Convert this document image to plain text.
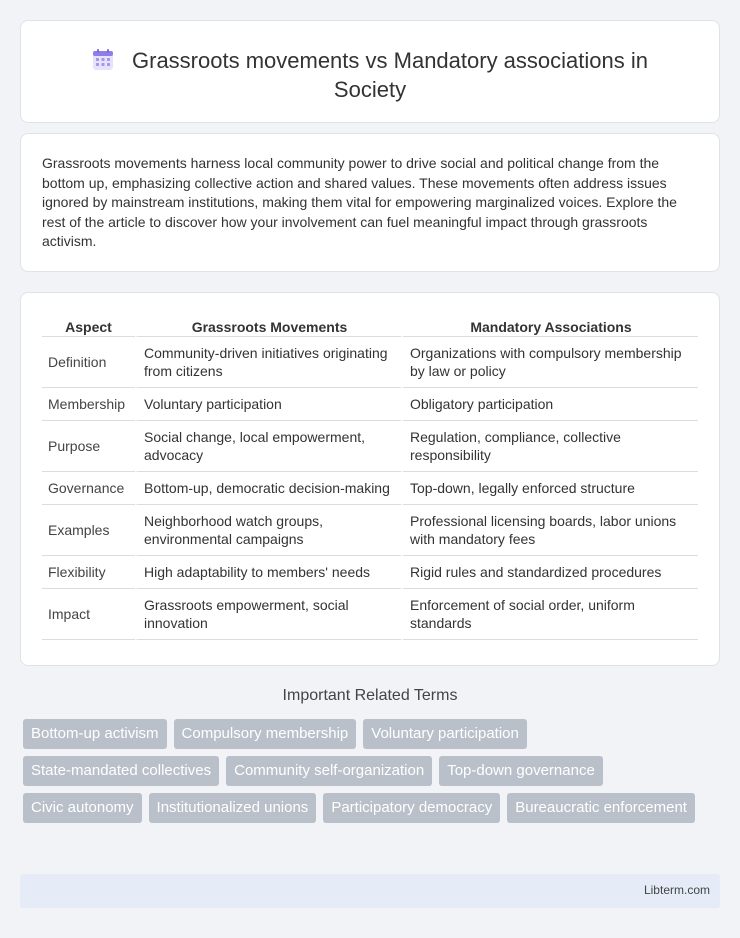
Grassroots movements vs Mandatory associations in Society

Grassroots movements harness local community power to drive social and political change from the bottom up, emphasizing collective action and shared values. These movements often address issues ignored by mainstream institutions, making them vital for empowering marginalized voices. Explore the rest of the article to discover how your involvement can fuel meaningful impact through grassroots activism.

Aspect	Grassroots Movements	Mandatory Associations
Definition	Community-driven initiatives originating from citizens	Organizations with compulsory membership by law or policy
Membership	Voluntary participation	Obligatory participation
Purpose	Social change, local empowerment, advocacy	Regulation, compliance, collective responsibility
Governance	Bottom-up, democratic decision-making	Top-down, legally enforced structure
Examples	Neighborhood watch groups, environmental campaigns	Professional licensing boards, labor unions with mandatory fees
Flexibility	High adaptability to members' needs	Rigid rules and standardized procedures
Impact	Grassroots empowerment, social innovation	Enforcement of social order, uniform standards
Important Related Terms
Bottom-up activism	Compulsory membership	Voluntary participation
State-mandated collectives	Community self-organization	Top-down governance
Civic autonomy	Institutionalized unions	Participatory democracy	Bureaucratic enforcement
Libterm.com
